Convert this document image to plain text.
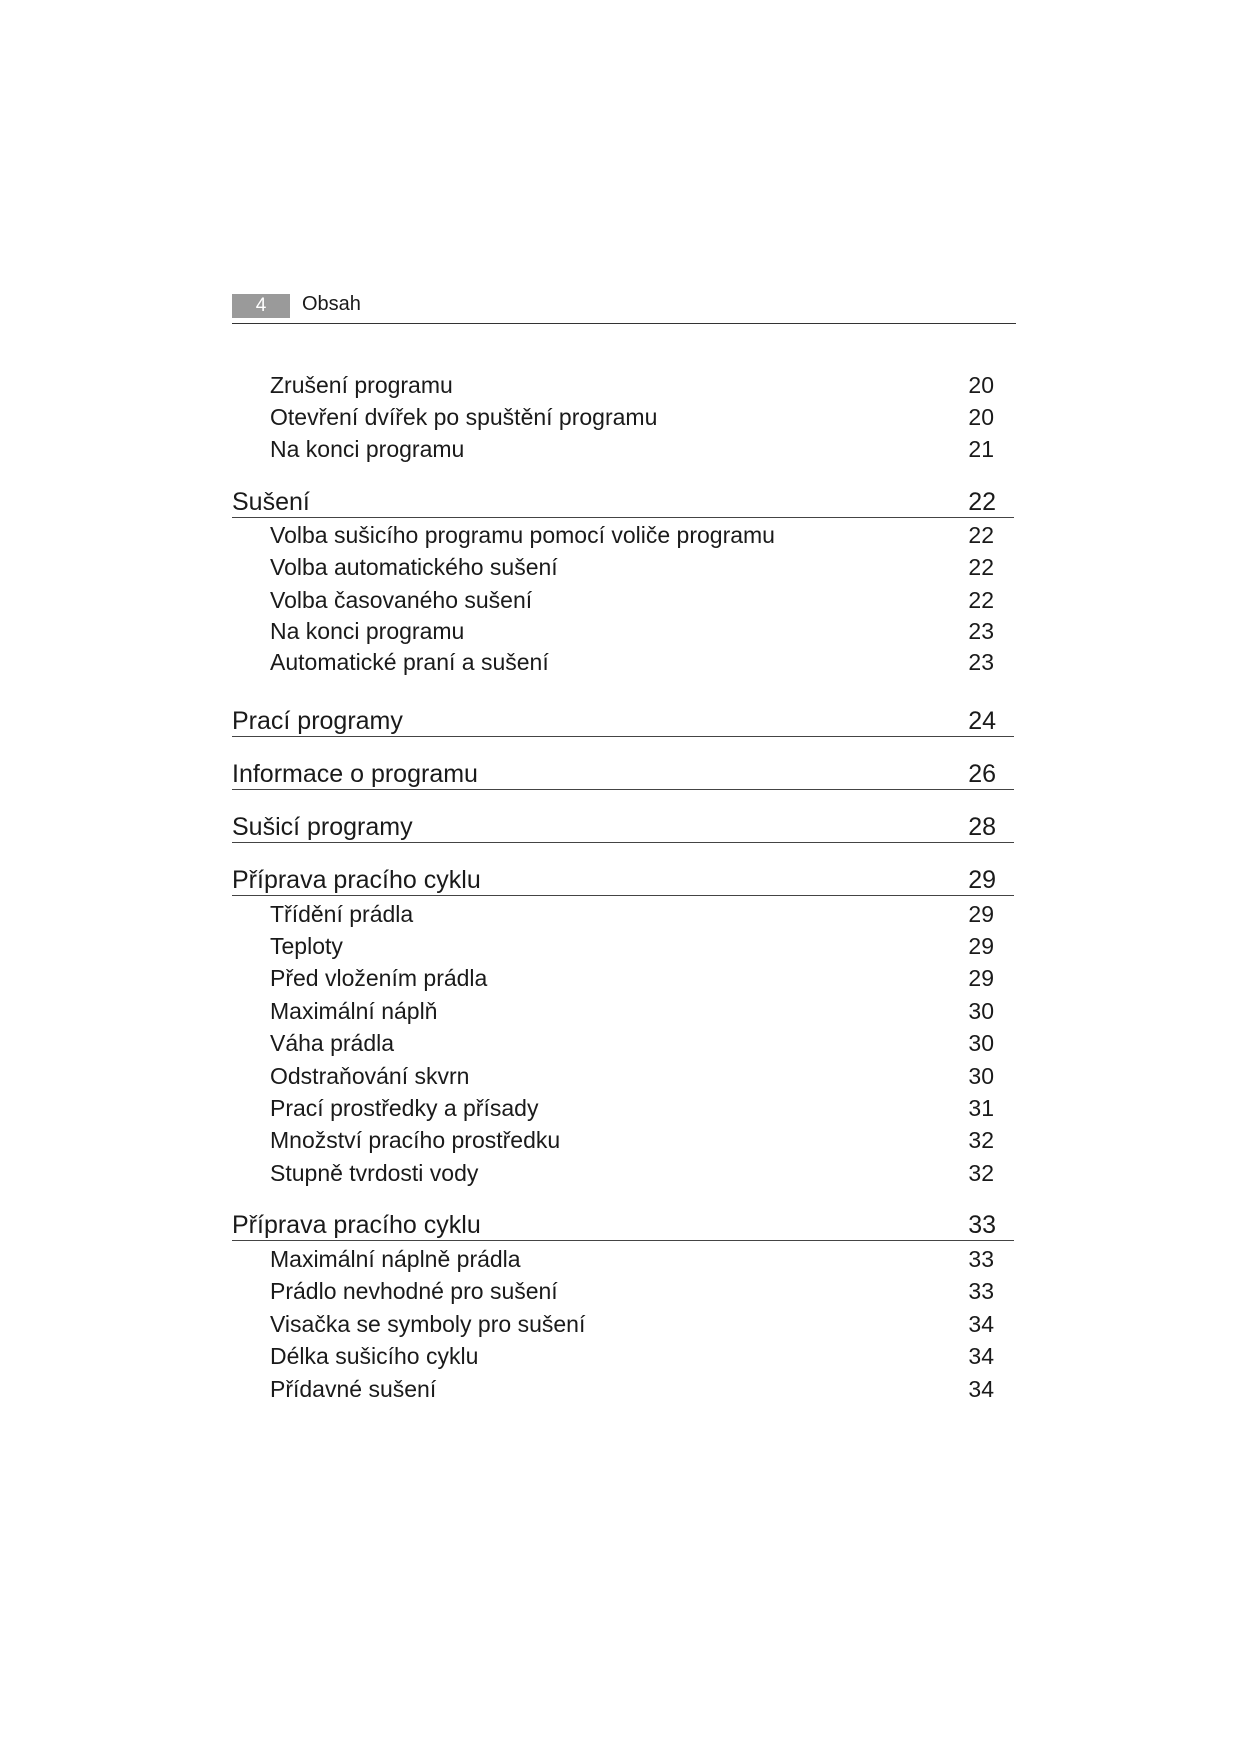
4	Obsah
Zrušení programu	20
Otevření dvířek po spuštění programu	20
Na konci programu	21
Sušení	22
Volba sušicího programu pomocí voliče programu	22
Volba automatického sušení	22
Volba časovaného sušení	22
Na konci programu	23
Automatické praní a sušení	23
Prací programy	24
Informace o programu	26
Sušicí programy	28
Příprava pracího cyklu	29
Třídění prádla	29
Teploty	29
Před vložením prádla	29
Maximální náplň	30
Váha prádla	30
Odstraňování skvrn	30
Prací prostředky a přísady	31
Množství pracího prostředku	32
Stupně tvrdosti vody	32
Příprava pracího cyklu	33
Maximální náplně prádla	33
Prádlo nevhodné pro sušení	33
Visačka se symboly pro sušení	34
Délka sušicího cyklu	34
Přídavné sušení	34
